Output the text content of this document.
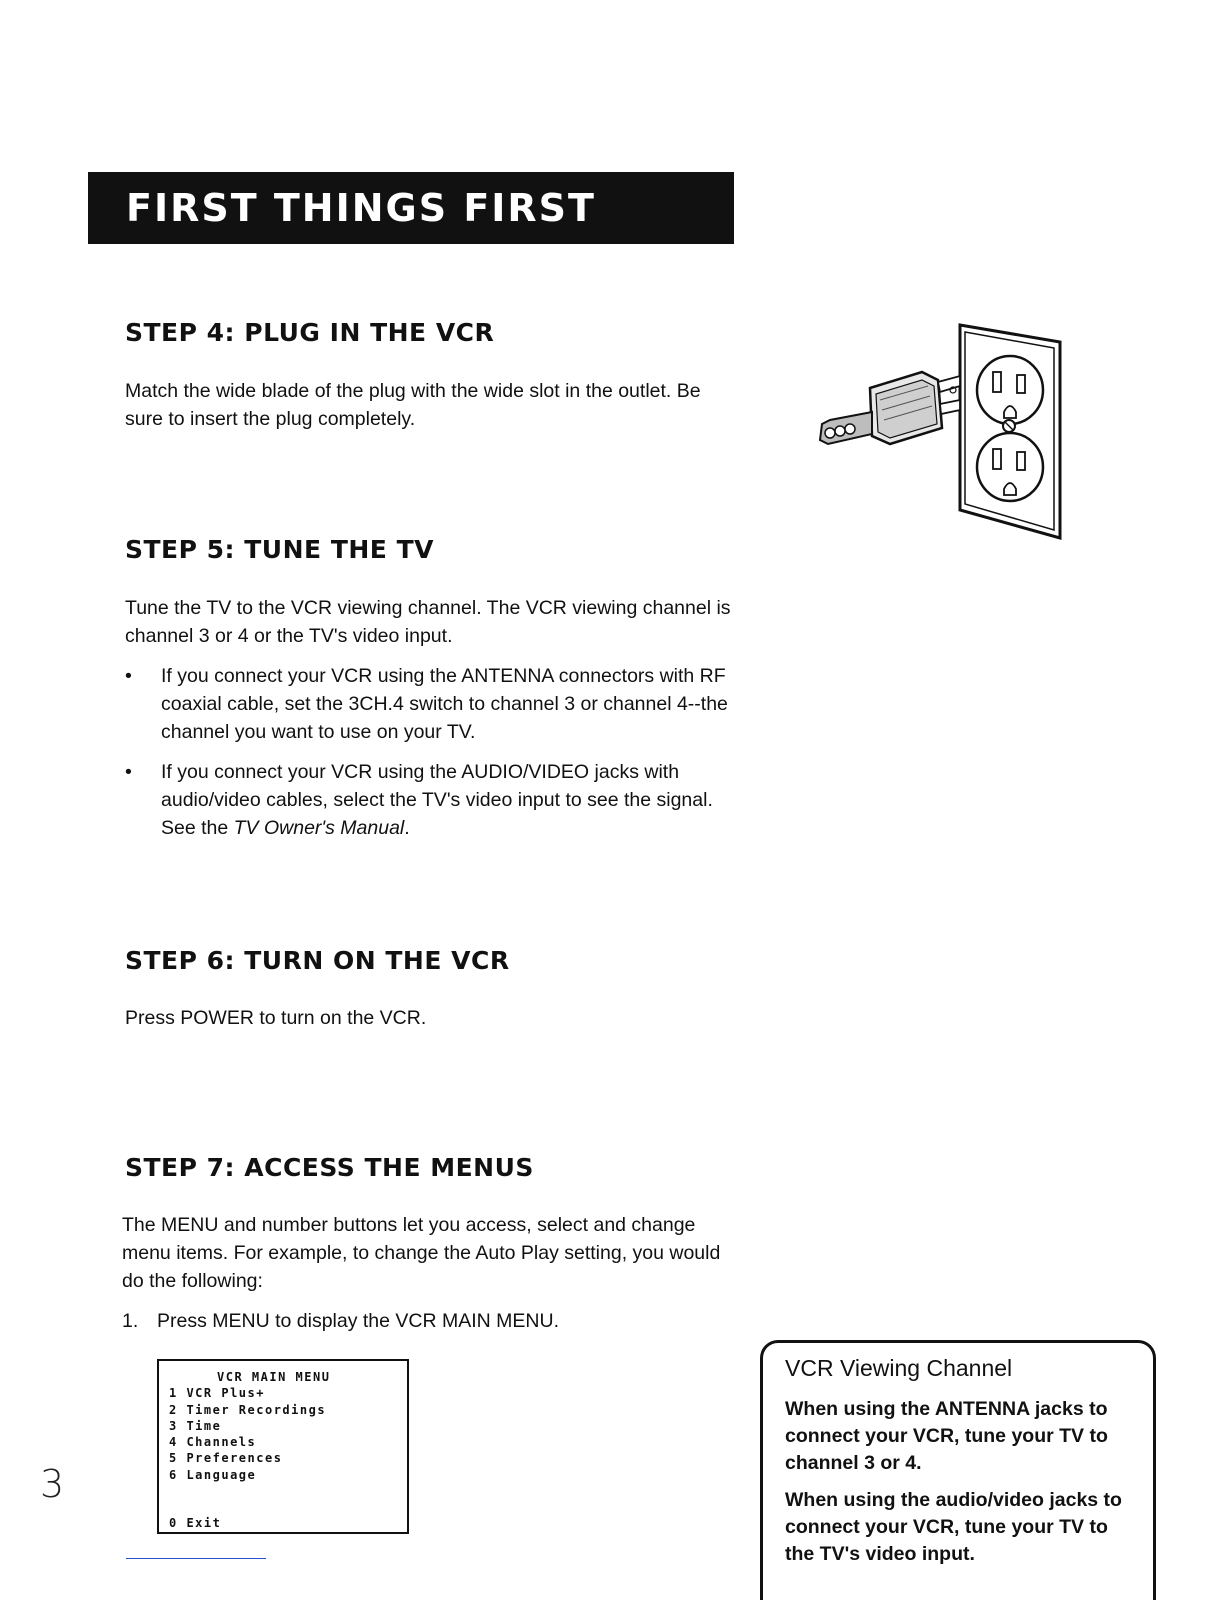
FIRST THINGS FIRST
STEP 4: PLUG IN THE VCR

Match the wide blade of the plug with the wide slot in the outlet. Be sure to insert the plug completely.

STEP 5: TUNE THE TV

Tune the TV to the VCR viewing channel. The VCR viewing channel is channel 3 or 4 or the TV's video input.

• If you connect your VCR using the ANTENNA connectors with RF coaxial cable, set the 3CH.4 switch to channel 3 or channel 4--the channel you want to use on your TV.
• If you connect your VCR using the AUDIO/VIDEO jacks with audio/video cables, select the TV's video input to see the signal. See the TV Owner's Manual.
STEP 6: TURN ON THE VCR

Press POWER to turn on the VCR.

STEP 7: ACCESS THE MENUS

The MENU and number buttons let you access, select and change menu items. For example, to change the Auto Play setting, you would do the following:

1. Press MENU to display the VCR MAIN MENU.
VCR MAIN MENU
1 VCR Plus+
2 Timer Recordings
3 Time
4 Channels
5 Preferences
6 Language
0 Exit
3

VCR Viewing Channel

When using the ANTENNA jacks to connect your VCR, tune your TV to channel 3 or 4.

When using the audio/video jacks to connect your VCR, tune your TV to the TV's video input.
